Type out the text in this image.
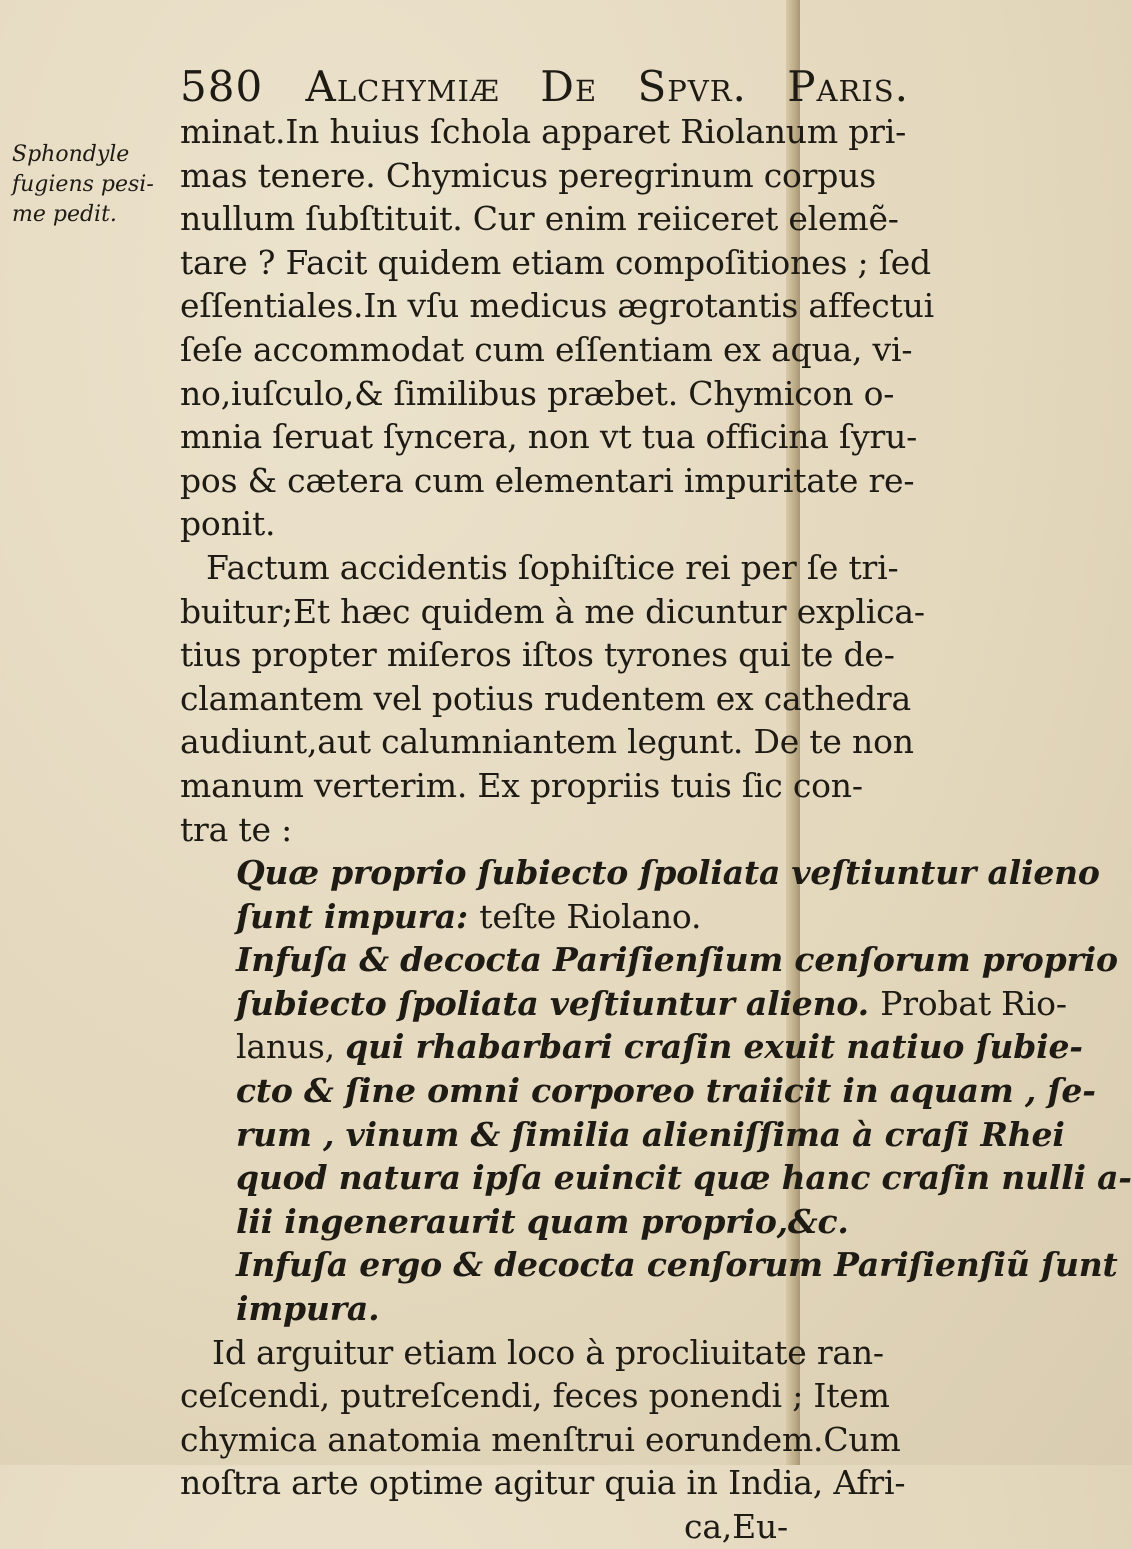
580 Alchymiæ De Spvr. Paris.
Sphondyle
fugiens pesi-
me pedit.
minat.In huius ſchola apparet Riolanum pri-
mas tenere. Chymicus peregrinum corpus
nullum ſubſtituit. Cur enim reiiceret elemẽ-
tare ? Facit quidem etiam compoſitiones ; ſed
eſſentiales.In vſu medicus ægrotantis affectui
ſeſe accommodat cum eſſentiam ex aqua, vi-
no,iuſculo,& ſimilibus præbet. Chymicon o-
mnia ſeruat ſyncera, non vt tua officina ſyru-
pos & cætera cum elementari impuritate re-
ponit.
Factum accidentis ſophiſtice rei per ſe tri-
buitur;Et hæc quidem à me dicuntur explica-
tius propter miſeros iſtos tyrones qui te de-
clamantem vel potius rudentem ex cathedra
audiunt,aut calumniantem legunt. De te non
manum verterim. Ex propriis tuis ſic con-
tra te :
Quæ proprio ſubiecto ſpoliata veſtiuntur alieno
ſunt impura: teſte Riolano.
Infuſa & decocta Pariſienſium cenſorum proprio
ſubiecto ſpoliata veſtiuntur alieno. Probat Rio-
lanus, qui rhabarbari craſin exuit natiuo ſubie-
cto & ſine omni corporeo traiicit in aquam , ſe-
rum , vinum & ſimilia alieniſſima à craſi Rhei
quod natura ipſa euincit quæ hanc craſin nulli a-
lii ingeneraurit quam proprio,&c.
Infuſa ergo & decocta cenſorum Pariſienſiũ ſunt
impura.
Id arguitur etiam loco à procliuitate ran-
ceſcendi, putreſcendi, feces ponendi ; Item
chymica anatomia menſtrui eorundem.Cum
noſtra arte optime agitur quia in India, Afri-
ca,Eu-
